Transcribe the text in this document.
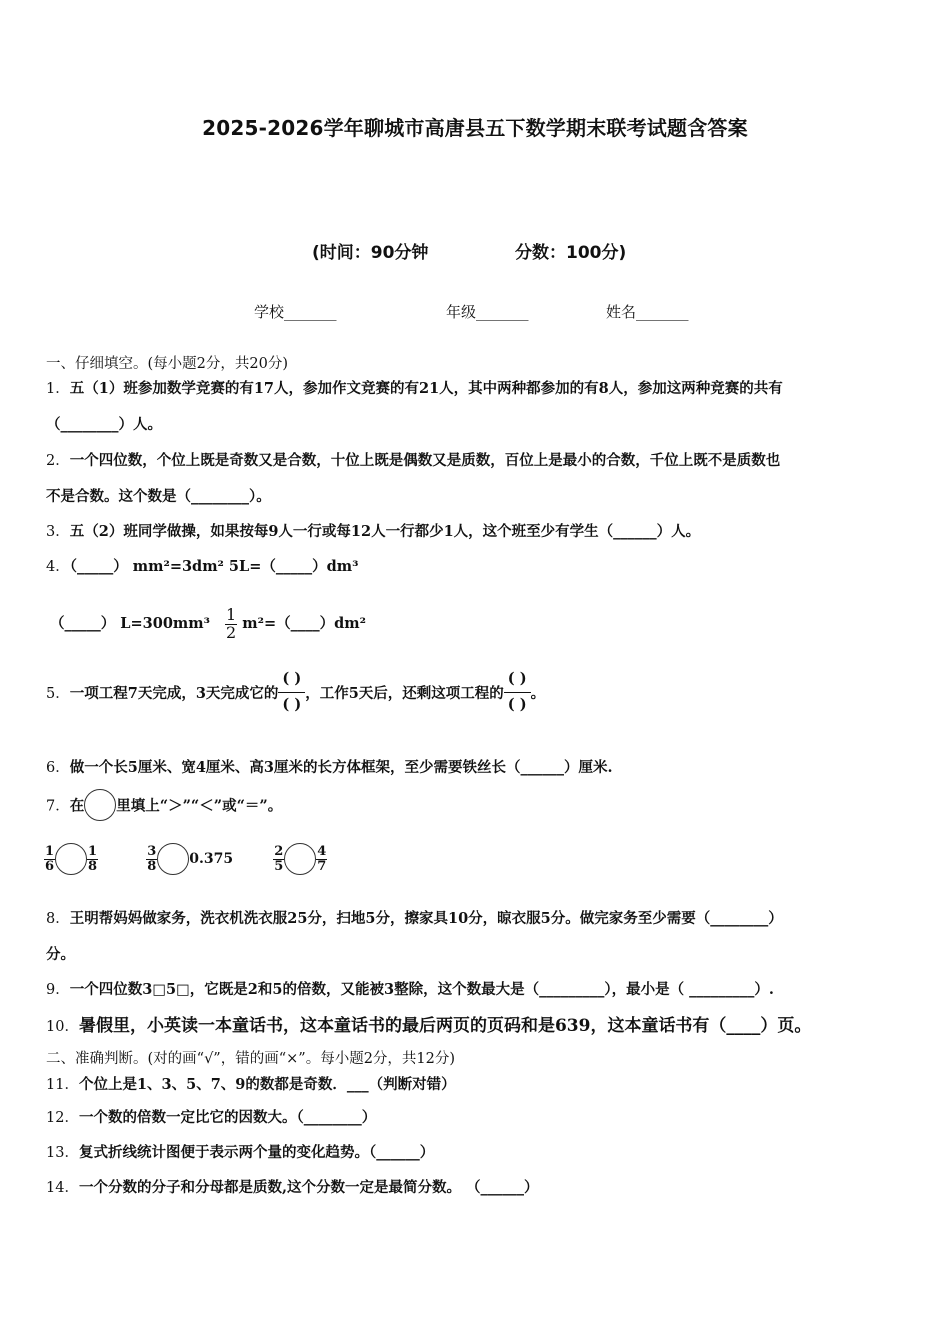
2025-2026学年聊城市高唐县五下数学期末联考试题含答案
(时间：90分钟	分数：100分)
学校_______	年级_______	姓名_______
一、仔细填空。(每小题2分，共20分)
1．五（1）班参加数学竞赛的有17人，参加作文竞赛的有21人，其中两种都参加的有8人，参加这两种竞赛的共有
（________）人。
2．一个四位数，个位上既是奇数又是合数，十位上既是偶数又是质数，百位上是最小的合数，千位上既不是质数也
不是合数。这个数是（________）。
3．五（2）班同学做操，如果按每9人一行或每12人一行都少1人，这个班至少有学生（______）人。
4．（_____） mm²=3dm² 5L=（_____）dm³
（_____） $L=300mm^3 \frac{1}{2}$ m²=（____）dm²
5．一项工程7天完成，3天完成它的 $\frac{( )}{( )}$ ，工作5天后，还剩这项工程的 $\frac{( )}{( )}$ 。
6．做一个长5厘米、宽4厘米、高3厘米的长方体框架，至少需要铁丝长（______）厘米.
7．在 里填上“＞”“＜”或“＝”。
$\frac{1}{6} \frac{1}{8}$
	$\frac{3}{8} 0.375$	$\frac{2}{5} \frac{4}{7}$
8．王明帮妈妈做家务，洗衣机洗衣服25分，扫地5分，擦家具10分，晾衣服5分。做完家务至少需要（________）
分。
9．一个四位数3□5□，它既是2和5的倍数，又能被3整除，这个数最大是（_________），最小是（ _________）.
10．暑假里，小英读一本童话书，这本童话书的最后两页的页码和是639，这本童话书有（____）页。
二、准确判断。(对的画“√”，错的画“×”。每小题2分，共12分)
11．个位上是1、3、5、7、9的数都是奇数．___（判断对错）
12．一个数的倍数一定比它的因数大。（________）
13．复式折线统计图便于表示两个量的变化趋势。（______）
14．一个分数的分子和分母都是质数,这个分数一定是最简分数。 （______）
